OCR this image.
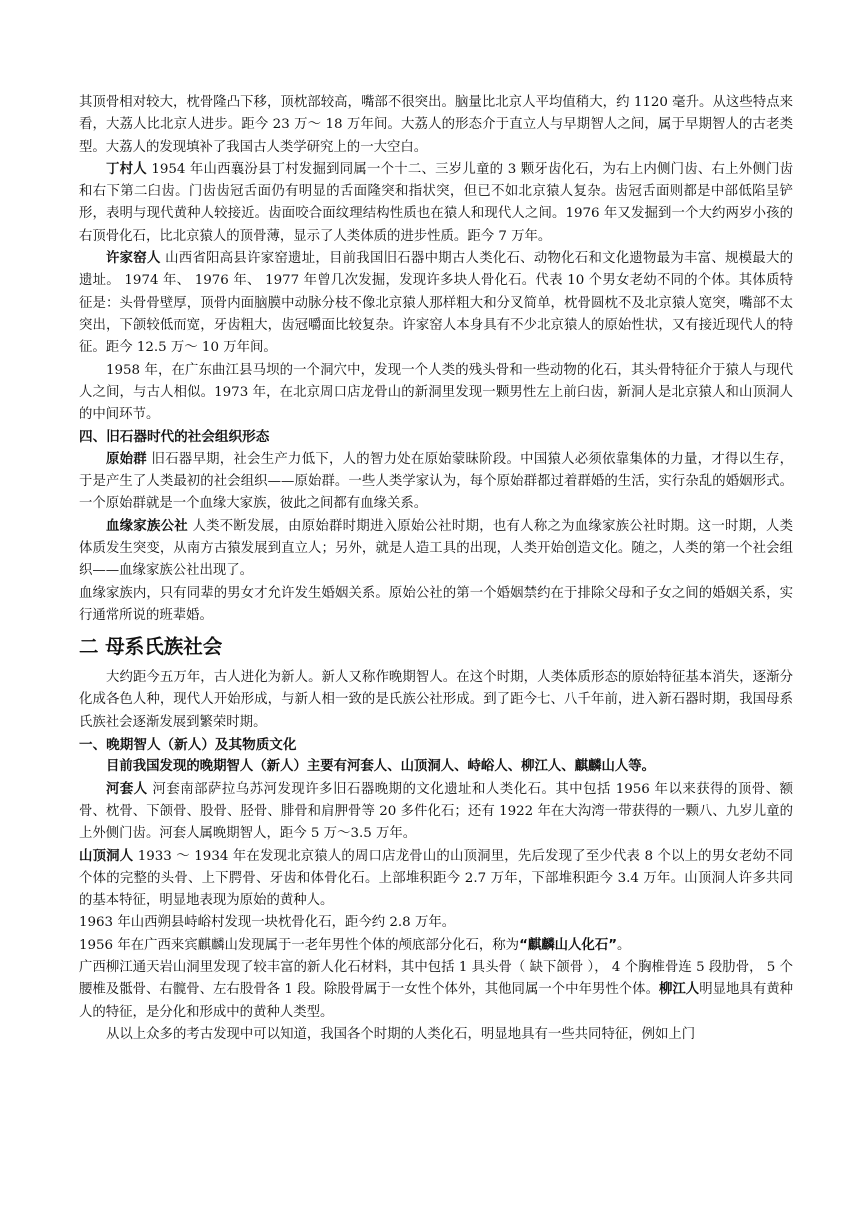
其顶骨相对较大，枕骨隆凸下移，顶枕部较高，嘴部不很突出。脑量比北京人平均值稍大，约 1120 毫升。从这些特点来看，大荔人比北京人进步。距今 23 万～ 18 万年间。大荔人的形态介于直立人与早期智人之间，属于早期智人的古老类型。大荔人的发现填补了我国古人类学研究上的一大空白。

丁村人 1954 年山西襄汾县丁村发掘到同属一个十二、三岁儿童的 3 颗牙齿化石，为右上内侧门齿、右上外侧门齿和右下第二臼齿。门齿齿冠舌面仍有明显的舌面隆突和指状突，但已不如北京猿人复杂。齿冠舌面则都是中部低陷呈铲形，表明与现代黄种人较接近。齿面咬合面纹理结构性质也在猿人和现代人之间。1976 年又发掘到一个大约两岁小孩的右顶骨化石，比北京猿人的顶骨薄，显示了人类体质的进步性质。距今 7 万年。

许家窑人 山西省阳高县许家窑遗址，目前我国旧石器中期古人类化石、动物化石和文化遗物最为丰富、规模最大的遗址。 1974 年、 1976 年、 1977 年曾几次发掘，发现许多块人骨化石。代表 10 个男女老幼不同的个体。其体质特征是：头骨骨壁厚，顶骨内面脑膜中动脉分枝不像北京猿人那样粗大和分叉简单，枕骨圆枕不及北京猿人宽突，嘴部不太突出，下颌较低而宽，牙齿粗大，齿冠嚼面比较复杂。许家窑人本身具有不少北京猿人的原始性状，又有接近现代人的特征。距今 12.5 万～ 10 万年间。

1958 年，在广东曲江县马坝的一个洞穴中，发现一个人类的残头骨和一些动物的化石，其头骨特征介于猿人与现代人之间，与古人相似。1973 年，在北京周口店龙骨山的新洞里发现一颗男性左上前臼齿，新洞人是北京猿人和山顶洞人的中间环节。

四、旧石器时代的社会组织形态

原始群 旧石器早期，社会生产力低下，人的智力处在原始蒙昧阶段。中国猿人必须依靠集体的力量，才得以生存，于是产生了人类最初的社会组织——原始群。一些人类学家认为，每个原始群都过着群婚的生活，实行杂乱的婚姻形式。一个原始群就是一个血缘大家族，彼此之间都有血缘关系。

血缘家族公社 人类不断发展，由原始群时期进入原始公社时期，也有人称之为血缘家族公社时期。这一时期，人类体质发生突变，从南方古猿发展到直立人；另外，就是人造工具的出现，人类开始创造文化。随之，人类的第一个社会组织——血缘家族公社出现了。

血缘家族内，只有同辈的男女才允许发生婚姻关系。原始公社的第一个婚姻禁约在于排除父母和子女之间的婚姻关系，实行通常所说的班辈婚。

二 母系氏族社会

大约距今五万年，古人进化为新人。新人又称作晚期智人。在这个时期，人类体质形态的原始特征基本消失，逐渐分化成各色人种，现代人开始形成，与新人相一致的是氏族公社形成。到了距今七、八千年前，进入新石器时期，我国母系氏族社会逐渐发展到繁荣时期。

一、晚期智人（新人）及其物质文化

目前我国发现的晚期智人（新人）主要有河套人、山顶洞人、峙峪人、柳江人、麒麟山人等。

河套人 河套南部萨拉乌苏河发现许多旧石器晚期的文化遗址和人类化石。其中包括 1956 年以来获得的顶骨、额骨、枕骨、下颌骨、股骨、胫骨、腓骨和肩胛骨等 20 多件化石；还有 1922 年在大沟湾一带获得的一颗八、九岁儿童的上外侧门齿。河套人属晚期智人，距今 5 万～3.5 万年。

山顶洞人 1933 ～ 1934 年在发现北京猿人的周口店龙骨山的山顶洞里，先后发现了至少代表 8 个以上的男女老幼不同个体的完整的头骨、上下腭骨、牙齿和体骨化石。上部堆积距今 2.7 万年，下部堆积距今 3.4 万年。山顶洞人许多共同的基本特征，明显地表现为原始的黄种人。

1963 年山西朔县峙峪村发现一块枕骨化石，距今约 2.8 万年。

1956 年在广西来宾麒麟山发现属于一老年男性个体的颅底部分化石，称为“麒麟山人化石”。

广西柳江通天岩山洞里发现了较丰富的新人化石材料，其中包括 1 具头骨（ 缺下颌骨 ）， 4 个胸椎骨连 5 段肋骨， 5 个腰椎及骶骨、右髋骨、左右股骨各 1 段。除股骨属于一女性个体外，其他同属一个中年男性个体。柳江人明显地具有黄种人的特征，是分化和形成中的黄种人类型。

从以上众多的考古发现中可以知道，我国各个时期的人类化石，明显地具有一些共同特征，例如上门
